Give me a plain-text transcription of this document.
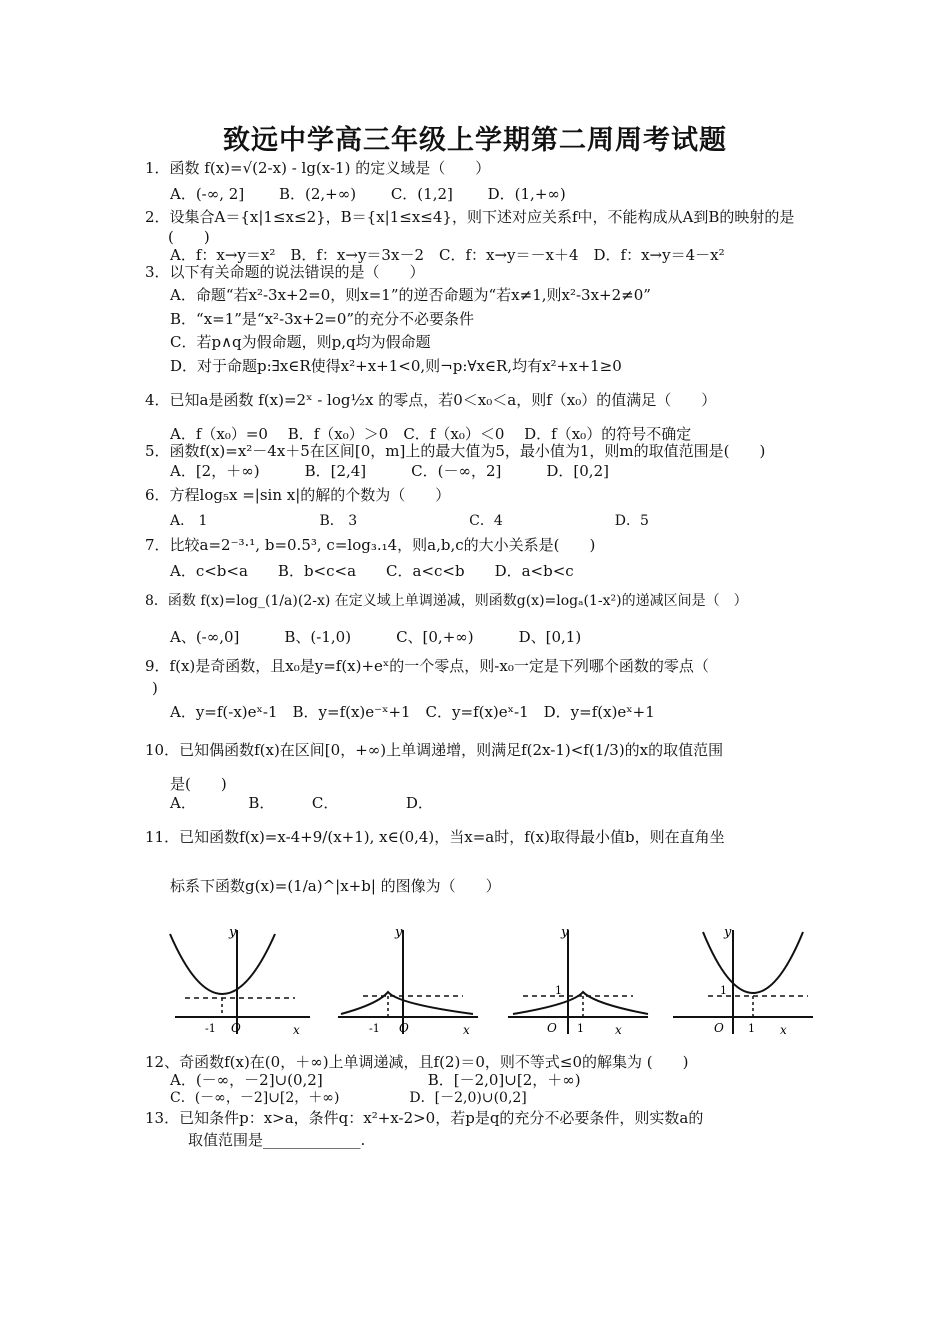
致远中学高三年级上学期第二周周考试题
1．函数 f(x)=√(2-x) - lg(x-1) 的定义域是（　　）
A．(-∞, 2]　　 B．(2,+∞)　　 C．(1,2]　　 D．(1,+∞)
2．设集合A＝{x|1≤x≤2}，B＝{x|1≤x≤4}，则下述对应关系f中，不能构成从A到B的映射的是
(　　)
A．f：x→y＝x²　B．f：x→y＝3x－2　C．f：x→y＝－x＋4　D．f：x→y＝4－x²
3．以下有关命题的说法错误的是（　　）
A．命题“若x²-3x+2=0，则x=1”的逆否命题为“若x≠1,则x²-3x+2≠0”
B．“x=1”是“x²-3x+2=0”的充分不必要条件
C．若p∧q为假命题，则p,q均为假命题
D．对于命题p:∃x∈R使得x²+x+1<0,则¬p:∀x∈R,均有x²+x+1≥0
4．已知a是函数 f(x)=2ˣ - log½x 的零点，若0＜x₀＜a，则f（x₀）的值满足（　　）
A．f（x₀）=0　 B．f（x₀）＞0　C．f（x₀）＜0　 D．f（x₀）的符号不确定
5．函数f(x)=x²－4x＋5在区间[0，m]上的最大值为5，最小值为1，则m的取值范围是(　　)
A．[2，＋∞)　　　B．[2,4]　　　C．(－∞，2]　　　D．[0,2]
6．方程log₅x =|sin x|的解的个数为（　　）
A． 1　　　　　　　　B． 3　　　　　　　　C．4　　　　　　　　D．5
7．比较a=2⁻³·¹, b=0.5³, c=log₃.₁4，则a,b,c的大小关系是(　　)
A．c<b<a　　B．b<c<a　　C．a<c<b　　D．a<b<c
8．函数 f(x)=log_(1/a)(2-x) 在定义域上单调递减，则函数g(x)=logₐ(1-x²)的递减区间是（　）
A、(-∞,0]　　　B、(-1,0)　　　C、[0,+∞)　　　D、[0,1)
9．f(x)是奇函数，且x₀是y=f(x)+eˣ的一个零点，则-x₀一定是下列哪个函数的零点（
)
A．y=f(-x)eˣ-1　B．y=f(x)e⁻ˣ+1　C．y=f(x)eˣ-1　D．y=f(x)eˣ+1
10．已知偶函数f(x)在区间[0，+∞)上单调递增，则满足f(2x-1)<f(1/3)的x的取值范围
是(　　)
A．　　　　B．　　　C．　　　　　D．
11．已知函数f(x)=x-4+9/(x+1), x∈(0,4)，当x=a时，f(x)取得最小值b，则在直角坐
标系下函数g(x)=(1/a)^|x+b| 的图像为（　　）
y
x
O
-1
y
x
O
-1
y
x
O 1
1
y
x
O 1
1
12、奇函数f(x)在(0，＋∞)上单调递减，且f(2)＝0，则不等式≤0的解集为 (　　)
A．(－∞，－2]∪(0,2]　　　　　　　B．[－2,0]∪[2，＋∞)
C．(－∞，－2]∪[2，＋∞)　　　　　D．[－2,0)∪(0,2]
13．已知条件p：x>a，条件q：x²+x-2>0，若p是q的充分不必要条件，则实数a的
取值范围是_____________.
